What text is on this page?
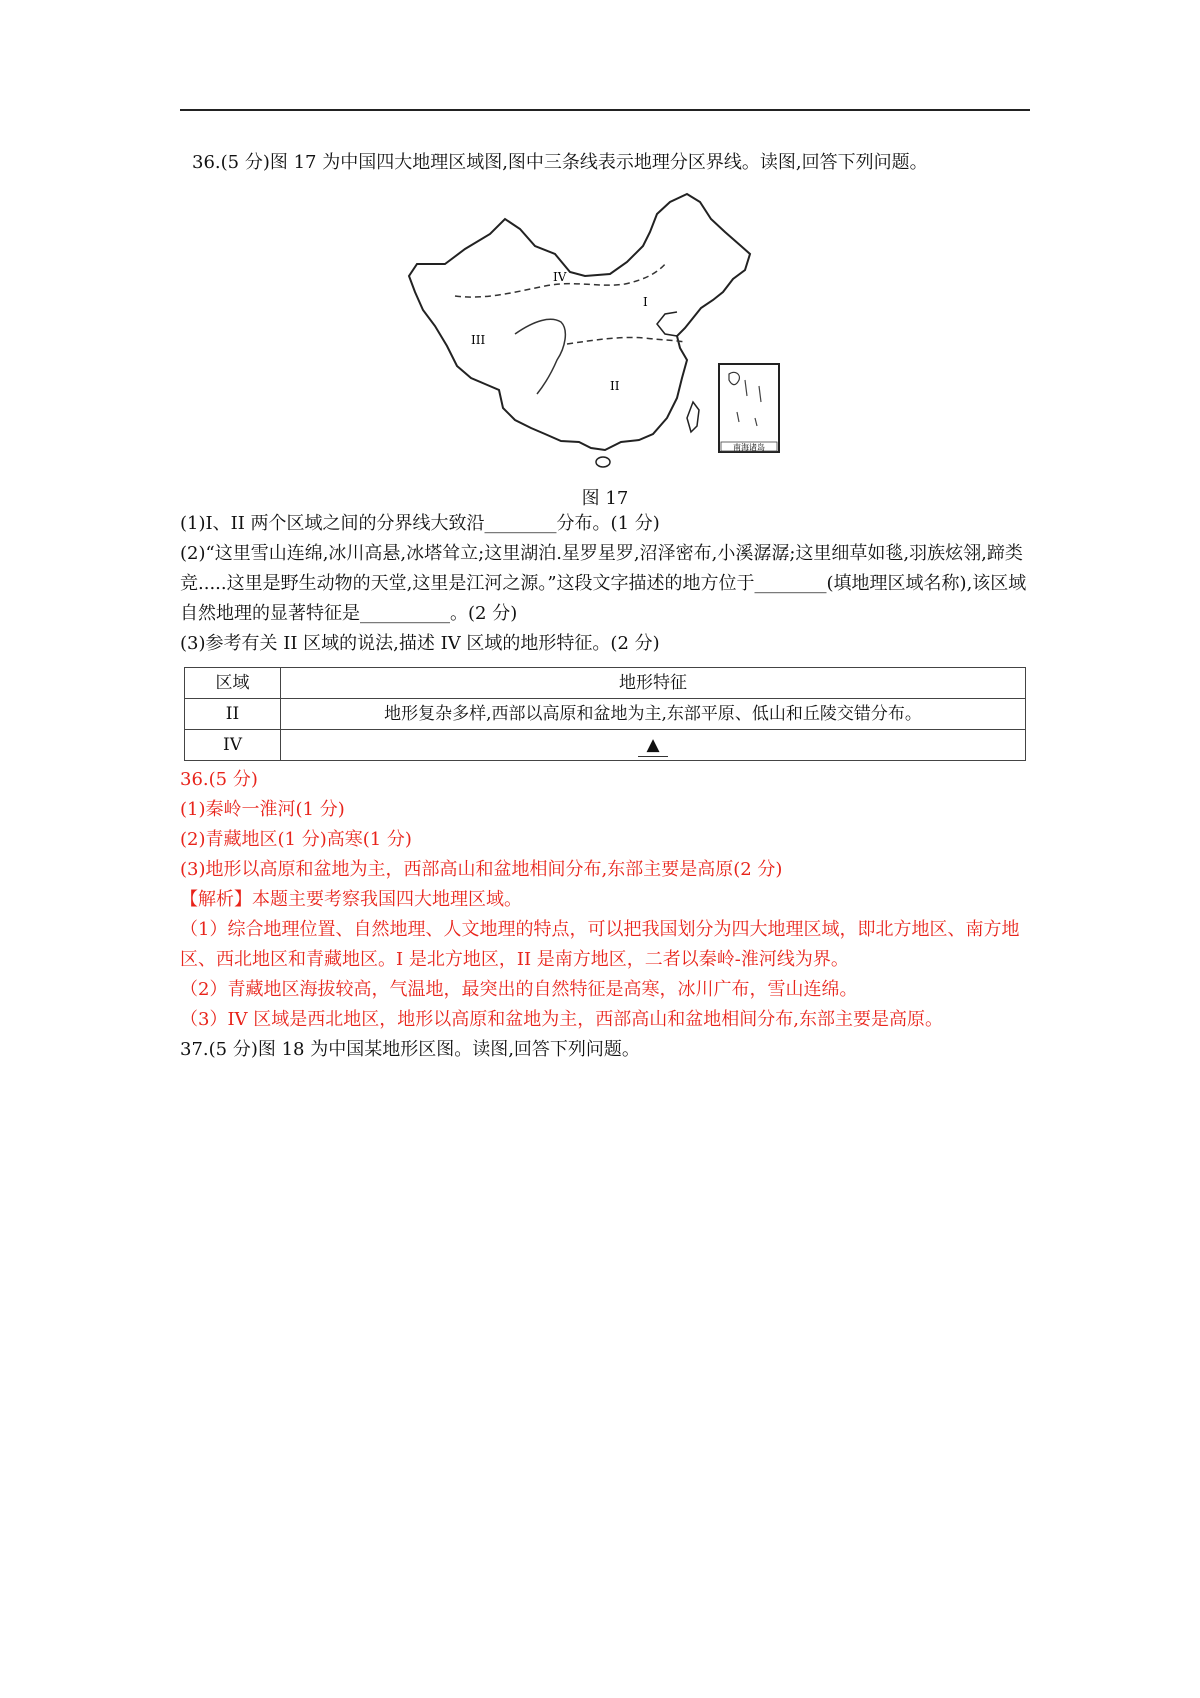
36.(5 分)图 17 为中国四大地理区域图,图中三条线表示地理分区界线。读图,回答下列问题。

IV
I
III
II
南海诸岛
图 17

(1)I、II 两个区域之间的分界线大致沿________分布。(1 分)

(2)“这里雪山连绵,冰川高悬,冰塔耸立;这里湖泊.星罗星罗,沼泽密布,小溪潺潺;这里细草如毯,羽族炫翎,蹄类竞.....这里是野生动物的天堂,这里是江河之源。”这段文字描述的地方位于________(填地理区域名称),该区域自然地理的显著特征是__________。(2 分)

(3)参考有关 II 区域的说法,描述 IV 区域的地形特征。(2 分)

区域	地形特征
II	地形复杂多样,西部以高原和盆地为主,东部平原、低山和丘陵交错分布。
IV	▲

36.(5 分)

(1)秦岭一淮河(1 分)

(2)青藏地区(1 分)高寒(1 分)

(3)地形以高原和盆地为主，西部高山和盆地相间分布,东部主要是高原(2 分)

【解析】本题主要考察我国四大地理区域。

（1）综合地理位置、自然地理、人文地理的特点，可以把我国划分为四大地理区域，即北方地区、南方地区、西北地区和青藏地区。I 是北方地区，II 是南方地区，二者以秦岭-淮河线为界。

（2）青藏地区海拔较高，气温地，最突出的自然特征是高寒，冰川广布，雪山连绵。

（3）IV 区域是西北地区，地形以高原和盆地为主，西部高山和盆地相间分布,东部主要是高原。

37.(5 分)图 18 为中国某地形区图。读图,回答下列问题。
